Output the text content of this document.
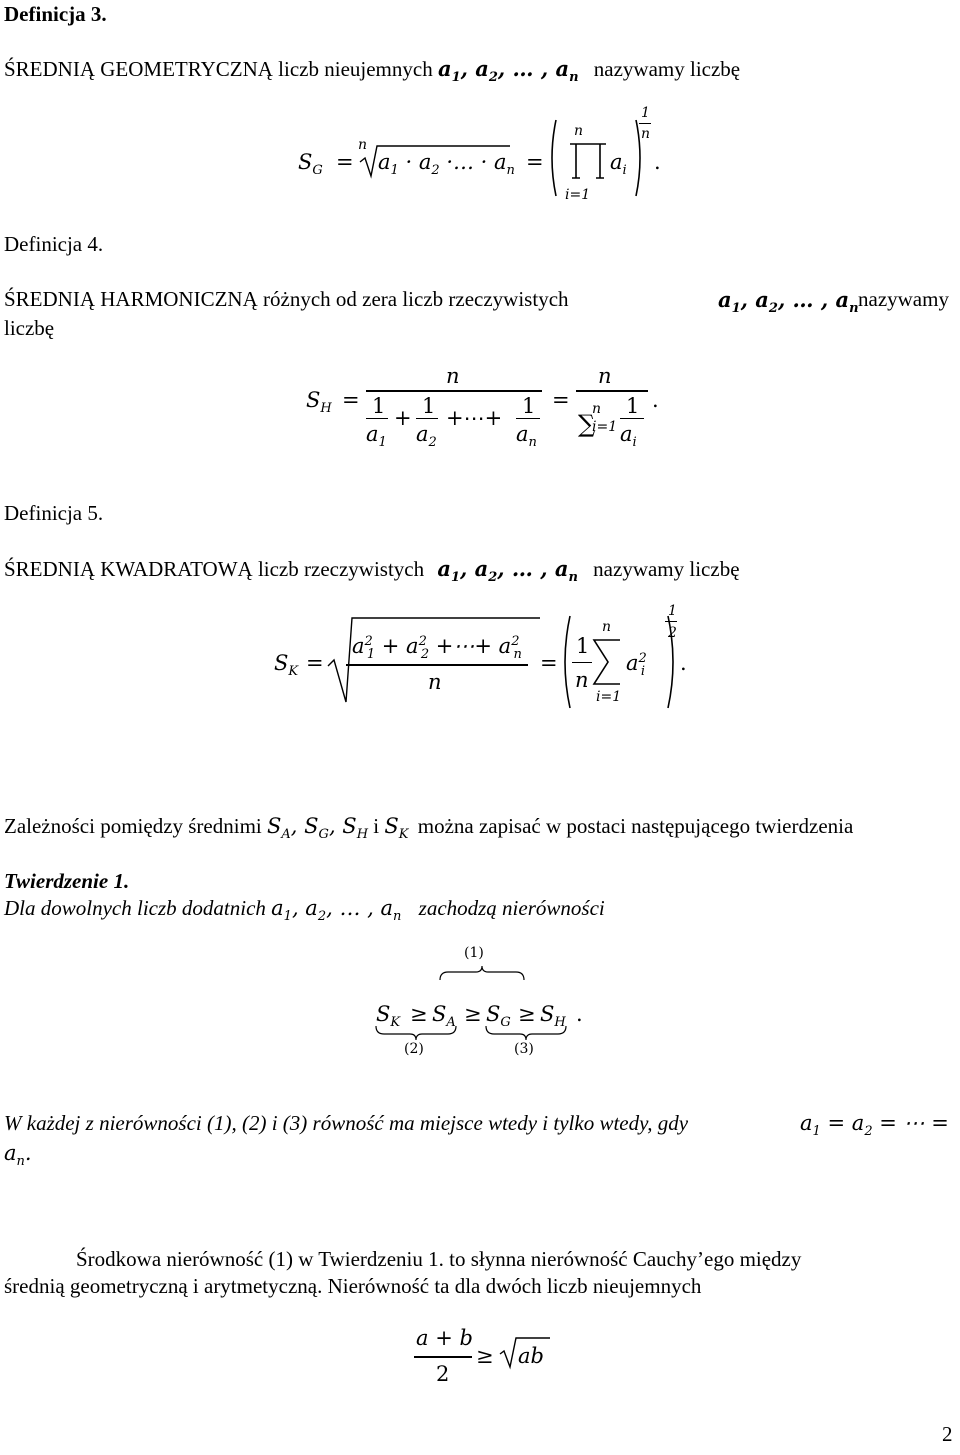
Definicja 3.
ŚREDNIĄ GEOMETRYCZNĄ liczb nieujemnych $a_1$, $a_2$, … , $a_n$ nazywamy liczbę
$S_G$ =
n
$a_1 \cdot a_2$ ·… · $a_n$ =
n
i=1
$a_i$
1
n
.
Definicja 4.
ŚREDNIĄ HARMONICZNĄ różnych od zera liczb rzeczywistych	$a_1$, $a_2$, … , $a_n$ nazywamy
liczbę
$S_H$ =
n
1
$a_1$
+ 1
$a_2$
+⋯+ 1
$a_n$
=
n
∑
n
i=1
1
$a_i$
.
Definicja 5.
ŚREDNIĄ KWADRATOWĄ liczb rzeczywistych $a_1$, $a_2$, … , $a_n$ nazywamy liczbę
$S_K$ =
$a^2_1 + a^2_2$ +⋯+ $a^2_n$
n
=
1
n
n
i=1
$a^2_i$
1
2
.
Zależności pomiędzy średnimi $S_A$, $S_G$, $S_H$ i $S_K$ można zapisać w postaci następującego twierdzenia
Twierdzenie 1.
Dla dowolnych liczb dodatnich $a_1$, $a_2$, … , $a_n$ zachodzą nierówności
(1)
$S_K \ge S_A \ge S_G \ge S_H$ .
(2)	(3)
W każdej z nierówności (1), (2) i (3) równość ma miejsce wtedy i tylko wtedy, gdy	$a_1 = a_2$ = ⋯ =
$a_n$.
Środkowa nierówność (1) w Twierdzeniu 1. to słynna nierówność Cauchy’ego między
średnią geometryczną i arytmetyczną. Nierówność ta dla dwóch liczb nieujemnych
a + b
2
≥ ab
2
